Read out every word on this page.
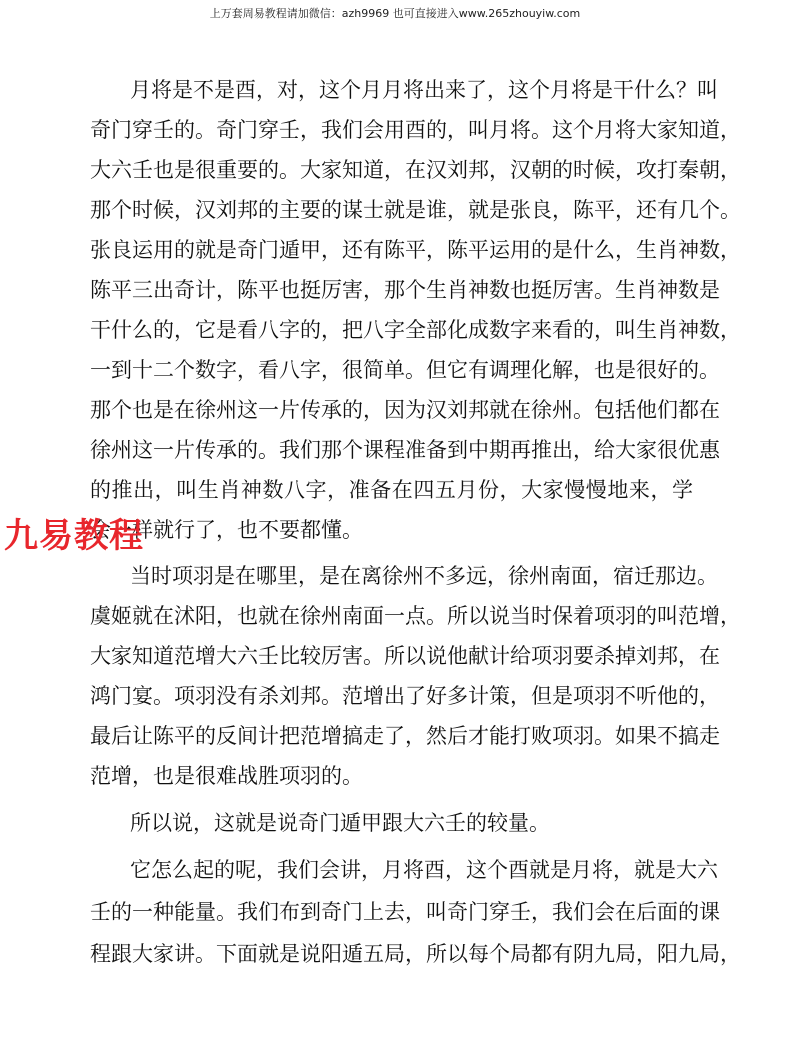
上万套周易教程请加微信：azh9969 也可直接进入www.265zhouyiw.com
月将是不是酉，对，这个月月将出来了，这个月将是干什么？叫
奇门穿壬的。奇门穿壬，我们会用酉的，叫月将。这个月将大家知道，
大六壬也是很重要的。大家知道，在汉刘邦，汉朝的时候，攻打秦朝，
那个时候，汉刘邦的主要的谋士就是谁，就是张良，陈平，还有几个。
张良运用的就是奇门遁甲，还有陈平，陈平运用的是什么，生肖神数，
陈平三出奇计，陈平也挺厉害，那个生肖神数也挺厉害。生肖神数是
干什么的，它是看八字的，把八字全部化成数字来看的，叫生肖神数，
一到十二个数字，看八字，很简单。但它有调理化解，也是很好的。
那个也是在徐州这一片传承的，因为汉刘邦就在徐州。包括他们都在
徐州这一片传承的。我们那个课程准备到中期再推出，给大家很优惠
的推出，叫生肖神数八字，准备在四五月份，大家慢慢地来，学
会一样就行了，也不要都懂。
当时项羽是在哪里，是在离徐州不多远，徐州南面，宿迁那边。
虞姬就在沭阳，也就在徐州南面一点。所以说当时保着项羽的叫范增，
大家知道范增大六壬比较厉害。所以说他献计给项羽要杀掉刘邦，在
鸿门宴。项羽没有杀刘邦。范增出了好多计策，但是项羽不听他的，
最后让陈平的反间计把范增搞走了，然后才能打败项羽。如果不搞走
范增，也是很难战胜项羽的。
所以说，这就是说奇门遁甲跟大六壬的较量。
它怎么起的呢，我们会讲，月将酉，这个酉就是月将，就是大六
壬的一种能量。我们布到奇门上去，叫奇门穿壬，我们会在后面的课
程跟大家讲。下面就是说阳遁五局，所以每个局都有阴九局，阳九局，
九易教程
